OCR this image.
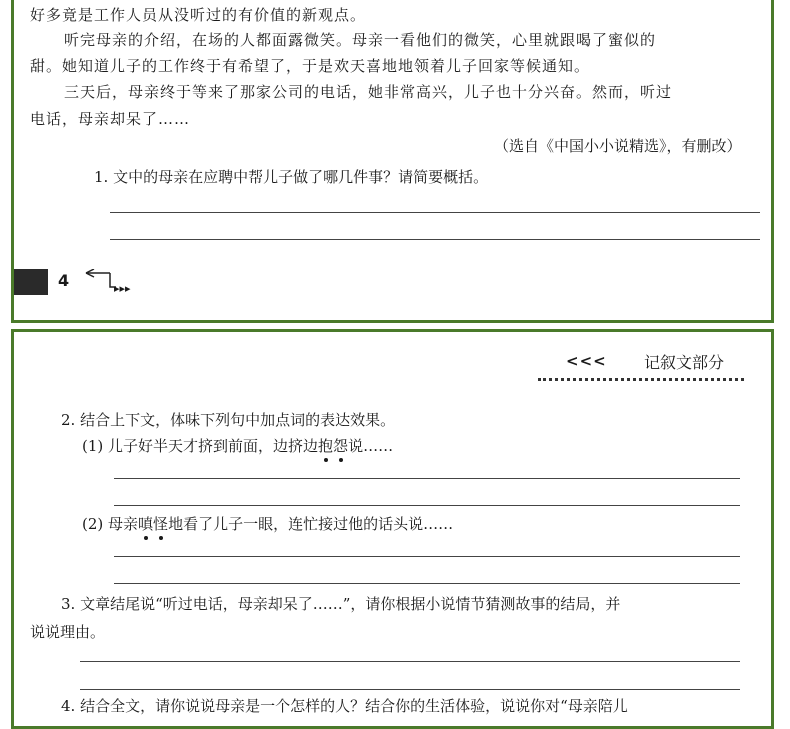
好多竟是工作人员从没听过的有价值的新观点。
听完母亲的介绍，在场的人都面露微笑。母亲一看他们的微笑，心里就跟喝了蜜似的
甜。她知道儿子的工作终于有希望了，于是欢天喜地地领着儿子回家等候通知。
三天后，母亲终于等来了那家公司的电话，她非常高兴，儿子也十分兴奋。然而，听过
电话，母亲却呆了……
（选自《中国小小说精选》，有删改）
1. 文中的母亲在应聘中帮儿子做了哪几件事？请简要概括。
4	▸▸▸
<<< 记叙文部分
2. 结合上下文，体味下列句中加点词的表达效果。
(1) 儿子好半天才挤到前面，边挤边抱怨说……
(2) 母亲嗔怪地看了儿子一眼，连忙接过他的话头说……
3. 文章结尾说“听过电话，母亲却呆了……”，请你根据小说情节猜测故事的结局，并
说说理由。
4. 结合全文，请你说说母亲是一个怎样的人？结合你的生活体验，说说你对“母亲陪儿
